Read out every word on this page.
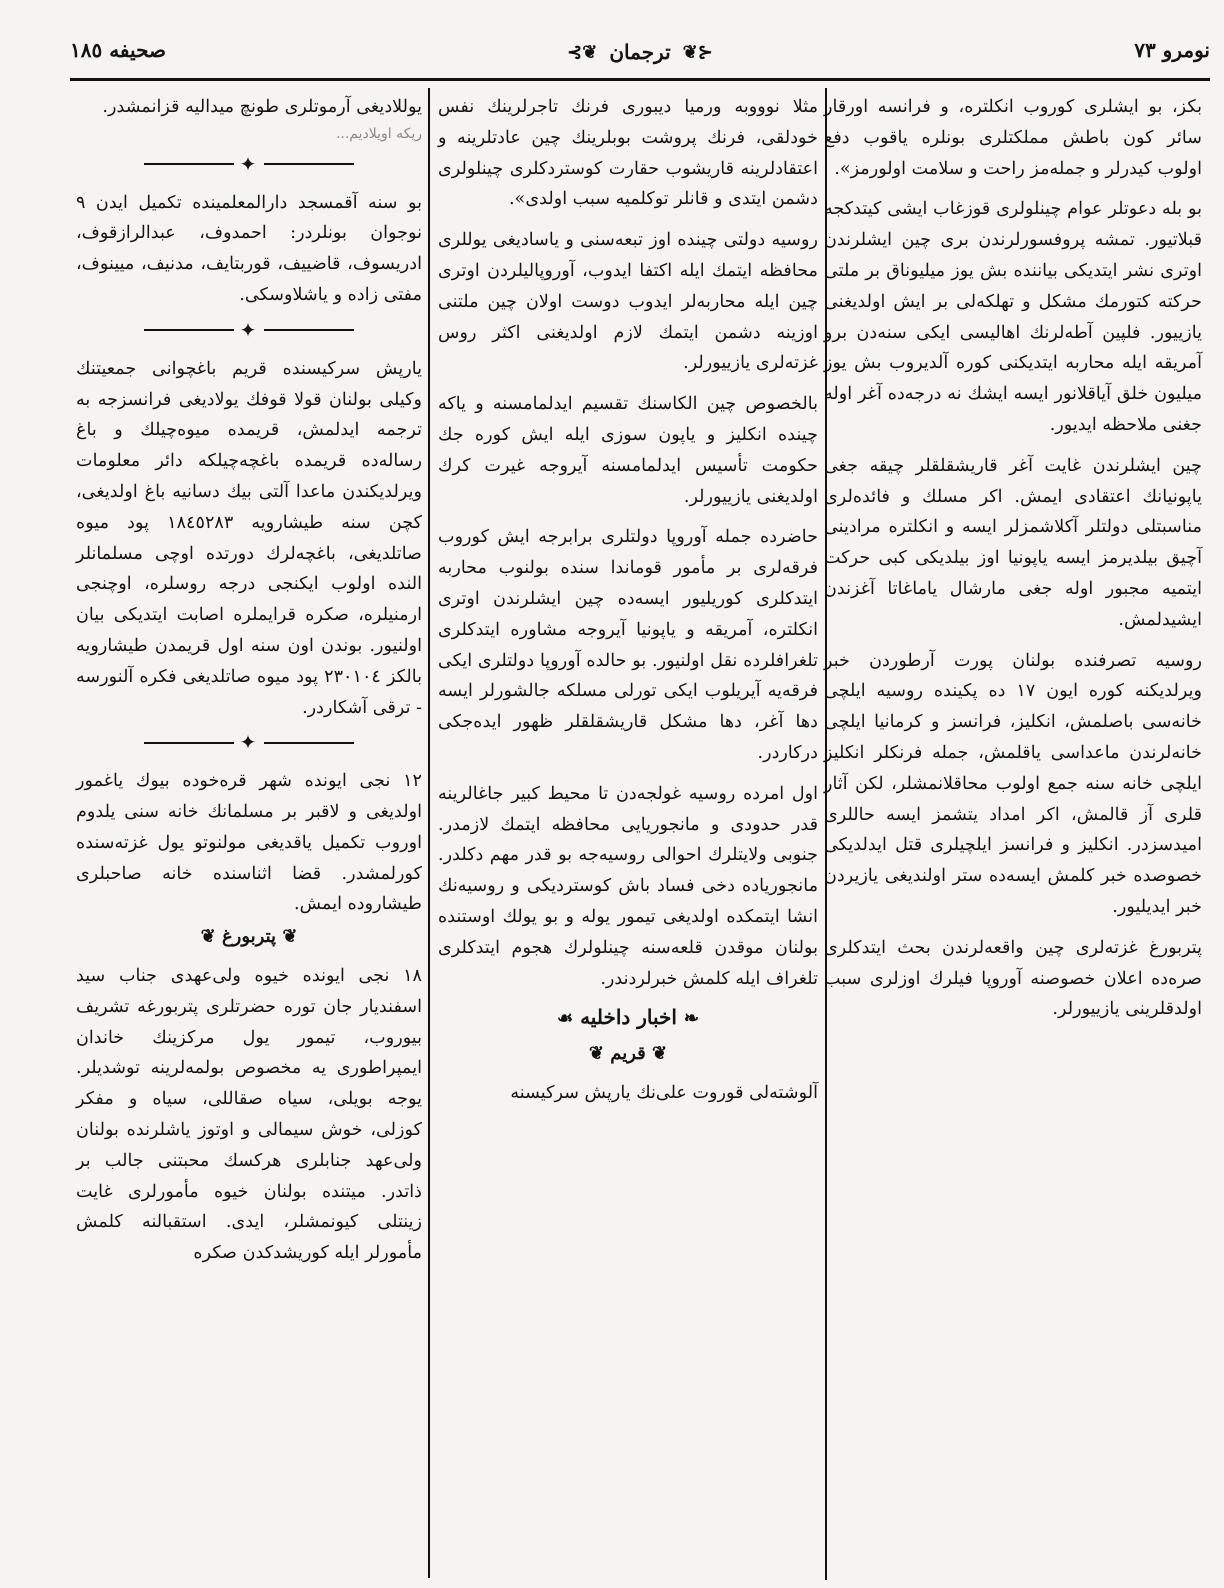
نومرو ٧٣
⊰❦
ترجمان
❦⊱
صحيفه ١٨٥

بكز، بو ايشلرى كوروب انكلتره، و فرانسه اورقار سائر كون باطش مملكتلرى بونلره ياقوب دفع اولوب كيدرلر و جملەمز راحت و سلامت اولورمز».

بو بله دعوتلر عوام چينلولرى قوزغاب ايشى كيتدكجه قبلاتيور. تمشه پروفسورلرندن برى چين ايشلرندن اوترى نشر ايتديكى بياننده بش يوز ميليوناق بر ملتى حركته كتورمك مشكل و تهلكەلى بر ايش اولديغنى يازييور. فلپين آطەلرنك اهاليسى ايكى سنەدن برو آمريقه ايله محاربه ايتديكنى كوره آلديروب بش يوز ميليون خلق آياقلانور ايسه ايشك نه درجەده آغر اوله جغنى ملاحظه ايديور.

چين ايشلرندن غايت آغر قاريشقلقلر چيقه جغى ياپونيانك اعتقادى ايمش. اكر مسلك و فائدەلرى مناسبتلى دولتلر آكلاشمزلر ايسه و انكلتره مرادينى آچيق بيلديرمز ايسه ياپونيا اوز بيلديكى كبى حركت ايتميه مجبور اوله جغى مارشال ياماغاتا آغزندن ايشيدلمش.

روسيه تصرفنده بولنان پورت آرطوردن خبر ويرلديكنه كوره ايون ١٧ ده پكينده روسيه ايلچى خانەسى باصلمش، انكليز، فرانسز و كرمانيا ايلچى خانەلرندن ماعداسى ياقلمش، جمله فرنكلر انكليز ايلچى خانه سنه جمع اولوب محاقلانمشلر، لكن آثار قلرى آز قالمش، اكر امداد يتشمز ايسه حاللرى اميدسزدر. انكليز و فرانسز ايلچيلرى قتل ايدلديكى خصوصده خبر كلمش ايسەده ستر اولنديغى يازيردن خبر ايديليور.

پتربورغ غزتەلرى چين واقعەلرندن بحث ايتدكلرى صرەده اعلان خصوصنه آوروپا فيلرك اوزلرى سبب اولدقلرينى يازييورلر.

مثلا نوووبه ورميا ديبورى فرنك تاجرلرينك نفس خودلقى، فرنك پروشت بوبلرينك چين عادتلرينه و اعتقادلرينه قاريشوب حقارت كوستردكلرى چينلولرى دشمن ايتدى و قانلر توكلميه سبب اولدى».

روسيه دولتى چينده اوز تبعەسنى و ياساديغى يوللرى محافظه ايتمك ايله اكتفا ايدوب، آوروپاليلردن اوترى چين ايله محاربەلر ايدوب دوست اولان چين ملتنى اوزينه دشمن ايتمك لازم اولديغنى اكثر روس غزتەلرى يازييورلر.

بالخصوص چين الكاسنك تقسيم ايدلمامسنه و ياكه چينده انكليز و ياپون سوزى ايله ايش كوره جك حكومت تأسيس ايدلمامسنه آيروجه غيرت كرك اولديغنى يازييورلر.

حاضرده جمله آوروپا دولتلرى برابرجه ايش كوروب فرقەلرى بر مأمور قوماندا سنده بولنوب محاربه ايتدكلرى كوريليور ايسەده چين ايشلرندن اوترى انكلتره، آمريقه و ياپونيا آيروجه مشاوره ايتدكلرى تلغرافلرده نقل اولنيور. بو حالده آوروپا دولتلرى ايكى فرقەيه آيريلوب ايكى تورلى مسلكه جالشورلر ايسه دها آغر، دها مشكل قاريشقلقلر ظهور ايدەجكى دركاردر.

اول امرده روسيه غولجەدن تا محيط كبير جاغالرينه قدر حدودى و مانجوريايى محافظه ايتمك لازمدر. جنوبى ولايتلرك احوالى روسيەجه بو قدر مهم دكلدر. مانجوريادە دخى فساد باش كوسترديكى و روسيەنك انشا ايتمكده اولديغى تيمور يوله و بو يولك اوستنده بولنان موقدن قلعەسنه چينلولرك هجوم ايتدكلرى تلغراف ايله كلمش خبرلردندر.

❧ اخبار داخليه ☙
❦ قريم ❦

آلوشته‌لى قوروت على‌نك يارپش سركيسنه

يوللاديغى آرموتلرى طونچ ميداليه قزانمشدر.

ريكه اويلاديم...
✦

بو سنه آقمسجد دارالمعلمينده تكميل ايدن ٩ نوجوان بونلردر: احمدوف، عبدالرازقوف، ادريسوف، قاضييف، قوربتايف، مدنيف، ميينوف، مفتى زاده و ياشلاوسكى.

✦

يارپش سركيسنده قريم باغچوانى جمعيتنك وكيلى بولنان قولا قوفك يولاديغى فرانسزجه به ترجمه ايدلمش، قريمده ميوه‌چيلك و باغ رساله‌ده قريمده باغچەچيلكه دائر معلومات ويرلديكندن ماعدا آلتى بيك دسانيه باغ اولديغى، كچن سنه طيشارويه ١٨٤٥٢٨٣ پود ميوه صاتلديغى، باغچەلرك دورتده اوچى مسلمانلر النده اولوب ايكنجى درجه روسلره، اوچنجى ارمنيلره، صكره قرايملره اصابت ايتديكى بيان اولنيور. بوندن اون سنه اول قريمدن طيشارويه بالكز ٢٣٠١٠٤ پود ميوه صاتلديغى فكره آلنورسه - ترقى آشكاردر.

✦

١٢ نجى ايونده شهر قره‌خوده بيوك ياغمور اولديغى و لاقبر بر مسلمانك خانه سنى يلدوم اوروب تكميل ياقديغى مولنوتو يول غزته‌سنده كورلمشدر. قضا اثناسنده خانه صاحبلرى طيشاروده ايمش.

❦ پتربورغ ❦

١٨ نجى ايونده خيوه ولى‌عهدى جناب سيد اسفنديار جان توره حضرتلرى پتربورغه تشريف بيوروب، تيمور يول مركزينك خاندان ايمپراطورى يه مخصوص بولمەلرينه توشديلر. يوجه بويلى، سياه صقاللى، سياه و مفكر كوزلى، خوش سيمالى و اوتوز ياشلرنده بولنان ولى‌عهد جنابلرى هركسك محبتنى جالب بر ذاتدر. ميتنده بولنان خيوه مأمورلرى غايت زينتلى كيونمشلر، ايدى. استقبالنه كلمش مأمورلر ايله كوريشدكدن صكره
